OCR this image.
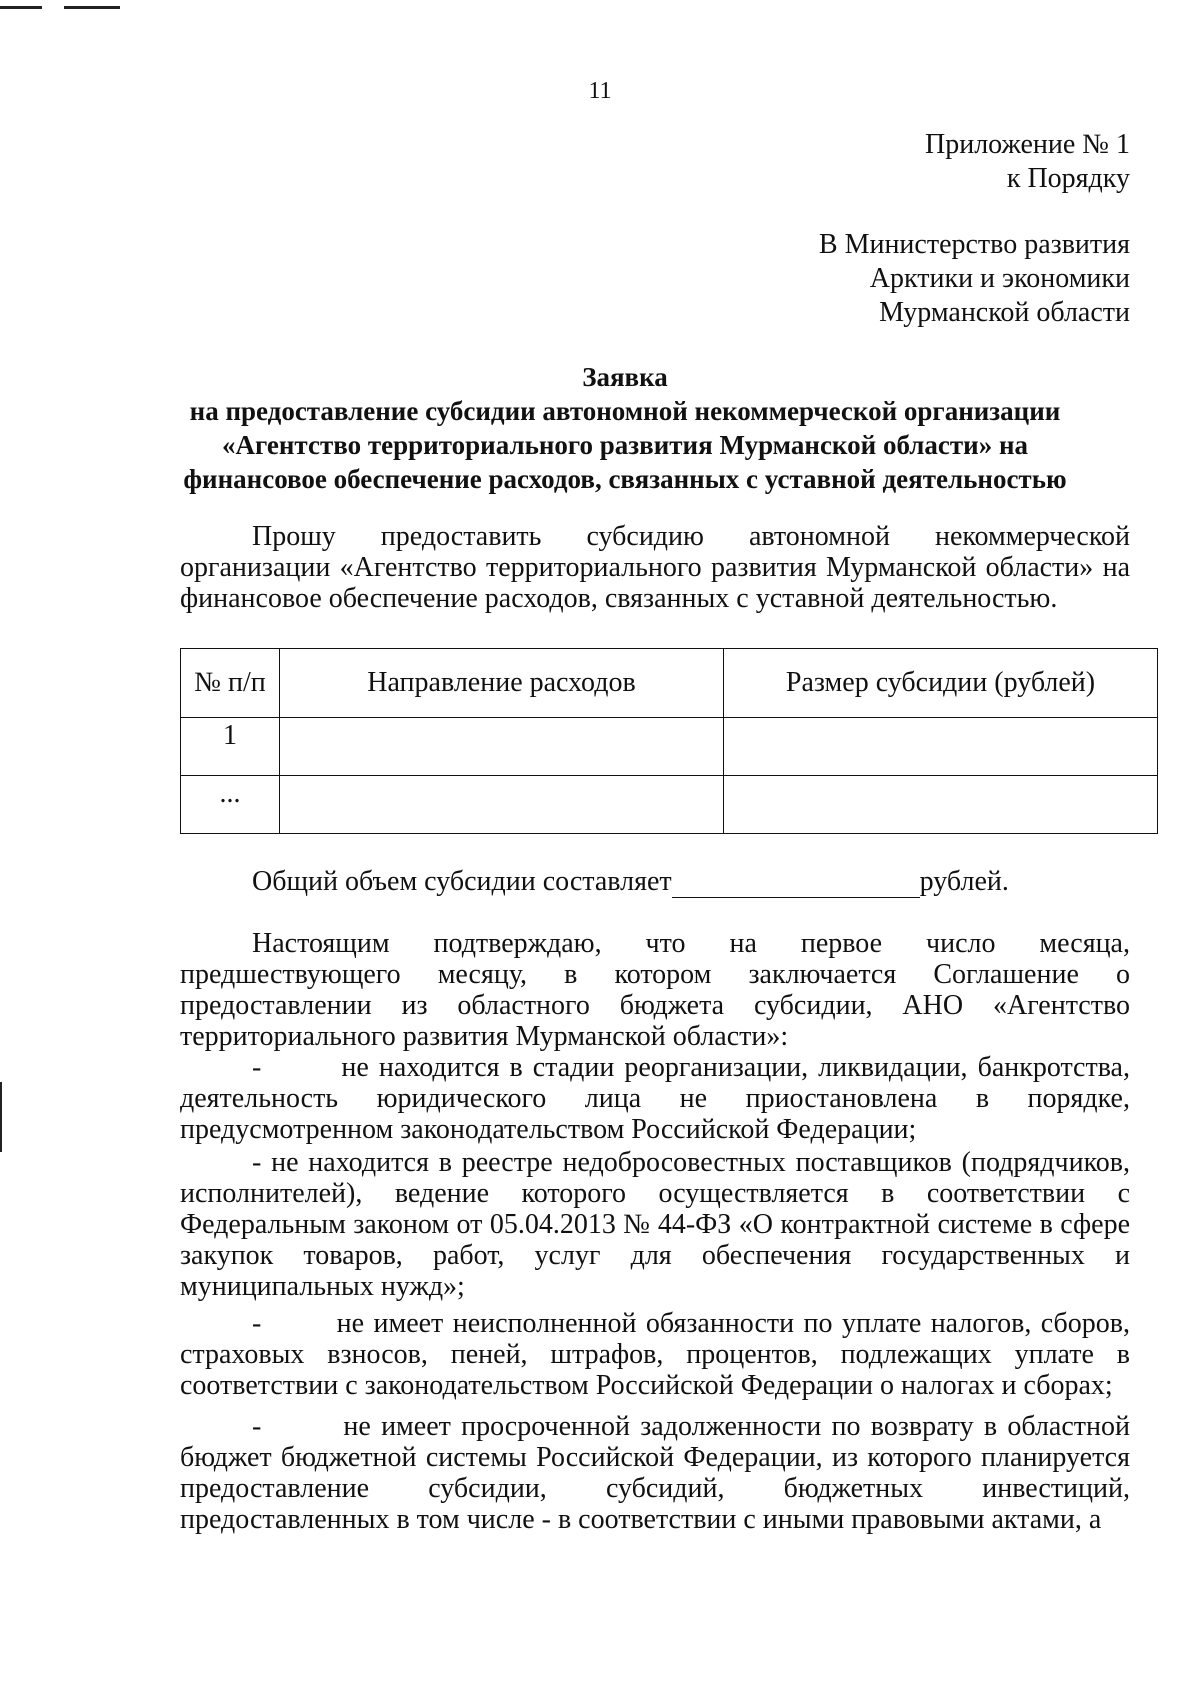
11
Приложение № 1
к Порядку
В Министерство развития
Арктики и экономики
Мурманской области
Заявка
на предоставление субсидии автономной некоммерческой организации
«Агентство территориального развития Мурманской области» на
финансовое обеспечение расходов, связанных с уставной деятельностью

Прошу предоставить субсидию автономной некоммерческой организации «Агентство территориального развития Мурманской области» на финансовое обеспечение расходов, связанных с уставной деятельностью.

№ п/п	Направление расходов	Размер субсидии (рублей)
1		
...		
Общий объем субсидии составляет	рублей.

Настоящим подтверждаю, что на первое число месяца, предшествующего месяцу, в котором заключается Соглашение о предоставлении из областного бюджета субсидии, АНО «Агентство территориального развития Мурманской области»:

-        не находится в стадии реорганизации, ликвидации, банкротства, деятельность юридического лица не приостановлена в порядке, предусмотренном законодательством Российской Федерации;

- не находится в реестре недобросовестных поставщиков (подрядчиков, исполнителей), ведение которого осуществляется в соответствии с Федеральным законом от 05.04.2013 № 44-ФЗ «О контрактной системе в сфере закупок товаров, работ, услуг для обеспечения государственных и муниципальных нужд»;

-        не имеет неисполненной обязанности по уплате налогов, сборов, страховых взносов, пеней, штрафов, процентов, подлежащих уплате в соответствии с законодательством Российской Федерации о налогах и сборах;

-        не имеет просроченной задолженности по возврату в областной бюджет бюджетной системы Российской Федерации, из которого планируется предоставление субсидии, субсидий, бюджетных инвестиций, предоставленных в том числе - в соответствии с иными правовыми актами, а
